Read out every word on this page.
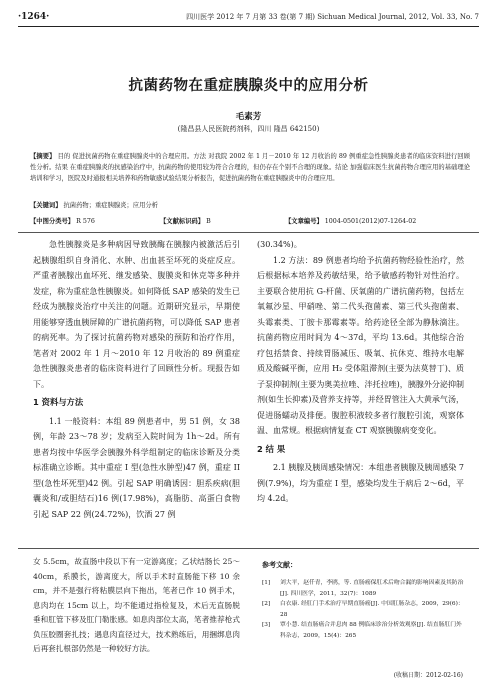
·1264·	四川医学 2012 年 7 月第 33 卷(第 7 期) Sichuan Medical Journal, 2012, Vol. 33, No. 7
抗菌药物在重症胰腺炎中的应用分析
毛素芳
(隆昌县人民医院药剂科，四川 隆昌 642150)
【摘要】 目的 促进抗菌药物在重症胰腺炎中的合理应用。方法 对我院 2002 年 1 月－2010 年 12 月收治的 89 例重症急性胰腺炎患者的临床资料进行回顾性分析。结果 在重症胰腺炎的抗感染治疗中，抗菌药物的使用较为符合合理的，但仍存在个别不合理的现象。结论 加强临床医生抗菌药物合理应用的基础理论培训和学习，医院及时通报相关培养和药物敏感试验结果分析报告，促进抗菌药物在重症胰腺炎中的合理应用。
【关键词】 抗菌药物；重症胰腺炎；应用分析
【中图分类号】 R 576	【文献标识码】 B	【文章编号】 1004-0501(2012)07-1264-02

急性胰腺炎是多种病因导致胰酶在胰腺内被激活后引起胰腺组织自身消化、水肿、出血甚至坏死的炎症反应。严重者胰腺出血坏死、继发感染、腹膜炎和休克等多种并发症，称为重症急性胰腺炎。如何降低 SAP 感染的发生已经成为胰腺炎治疗中关注的问题。近期研究显示，早期使用能够穿透血胰屏障的广谱抗菌药物，可以降低 SAP 患者的病死率。为了探讨抗菌药物对感染的预防和治疗作用，笔者对 2002 年 1 月～2010 年 12 月收治的 89 例重症急性胰腺炎患者的临床资料进行了回顾性分析。现报告如下。

1 资料与方法

1.1 一般资料：本组 89 例患者中，男 51 例，女 38 例，年龄 23～78 岁；发病至入院时间为 1h～2d。所有患者均按中华医学会胰腺外科学组制定的临床诊断及分类标准确立诊断。其中重症 I 型(急性水肿型)47 例，重症 II 型(急性坏死型)42 例。引起 SAP 明确诱因：胆系疾病(胆囊炎和/或胆结石)16 例(17.98%)，高脂肪、高蛋白食物引起 SAP 22 例(24.72%)，饮酒 27 例

(30.34%)。

1.2 方法：89 例患者均给予抗菌药物经验性治疗，然后根据标本培养及药敏结果，给予敏感药物针对性治疗。主要联合使用抗 G-杆菌、厌氧菌的广谱抗菌药物，包括左氧氟沙星、甲硝唑、第二代头孢菌素、第三代头孢菌素、头霉素类、丁胺卡那霉素等。给药途径全部为静脉滴注。抗菌药物应用时间为 4～37d，平均 13.6d。其他综合治疗包括禁食、持续胃肠减压、吸氧、抗休克、维持水电解质及酸碱平衡，应用 H₂ 受体阻滞剂(主要为法莫替丁)、质子泵抑制剂(主要为奥美拉唑、泮托拉唑)，胰腺外分泌抑制剂(如生长抑素)及营养支持等，并经胃管注入大黄承气汤，促进肠蠕动及排便。腹腔积液较多者行腹腔引流，观察体温、血常规。根据病情复查 CT 观察胰腺病变变化。

2 结 果

2.1 胰腺及胰周感染情况：本组患者胰腺及胰周感染 7 例(7.9%)，均为重症 I 型，感染均发生于病后 2～6d，平均 4.2d。

女 5.5cm，故直肠中段以下有一定游离度；乙状结肠长 25～40cm，系膜长，游离度大，所以手术时直肠能下移 10 余 cm，并不是强行将粘膜层向下拖出，笔者已作 10 例手术，息肉均在 15cm 以上，均不能通过指检复及，术后无直肠脱垂和肛管下移及肛门勒胀感。如息肉部位太高，笔者推荐枪式负压胶圈套扎技；遇息肉直径过大，技术熟练后，用捆绑息肉后再套扎根部仍然是一种较好方法。

参考文献：
[1] 刘大平，赵仟青，李鸥，等. 直肠癌保肛术后吻合漏的影响因素及其防治[J]. 四川医学，2011，32(7)：1089
[2] 白衣康. 经肛门手术治疗早期直肠癌[J]. 中国肛肠杂志，2009，29(6)：28
[3] 覃小慧. 结直肠癌合并息肉 88 例临床诊治分析效观察[J]. 结直肠肛门外科杂志，2009，15(4)：265
(收稿日期：2012-02-16)
